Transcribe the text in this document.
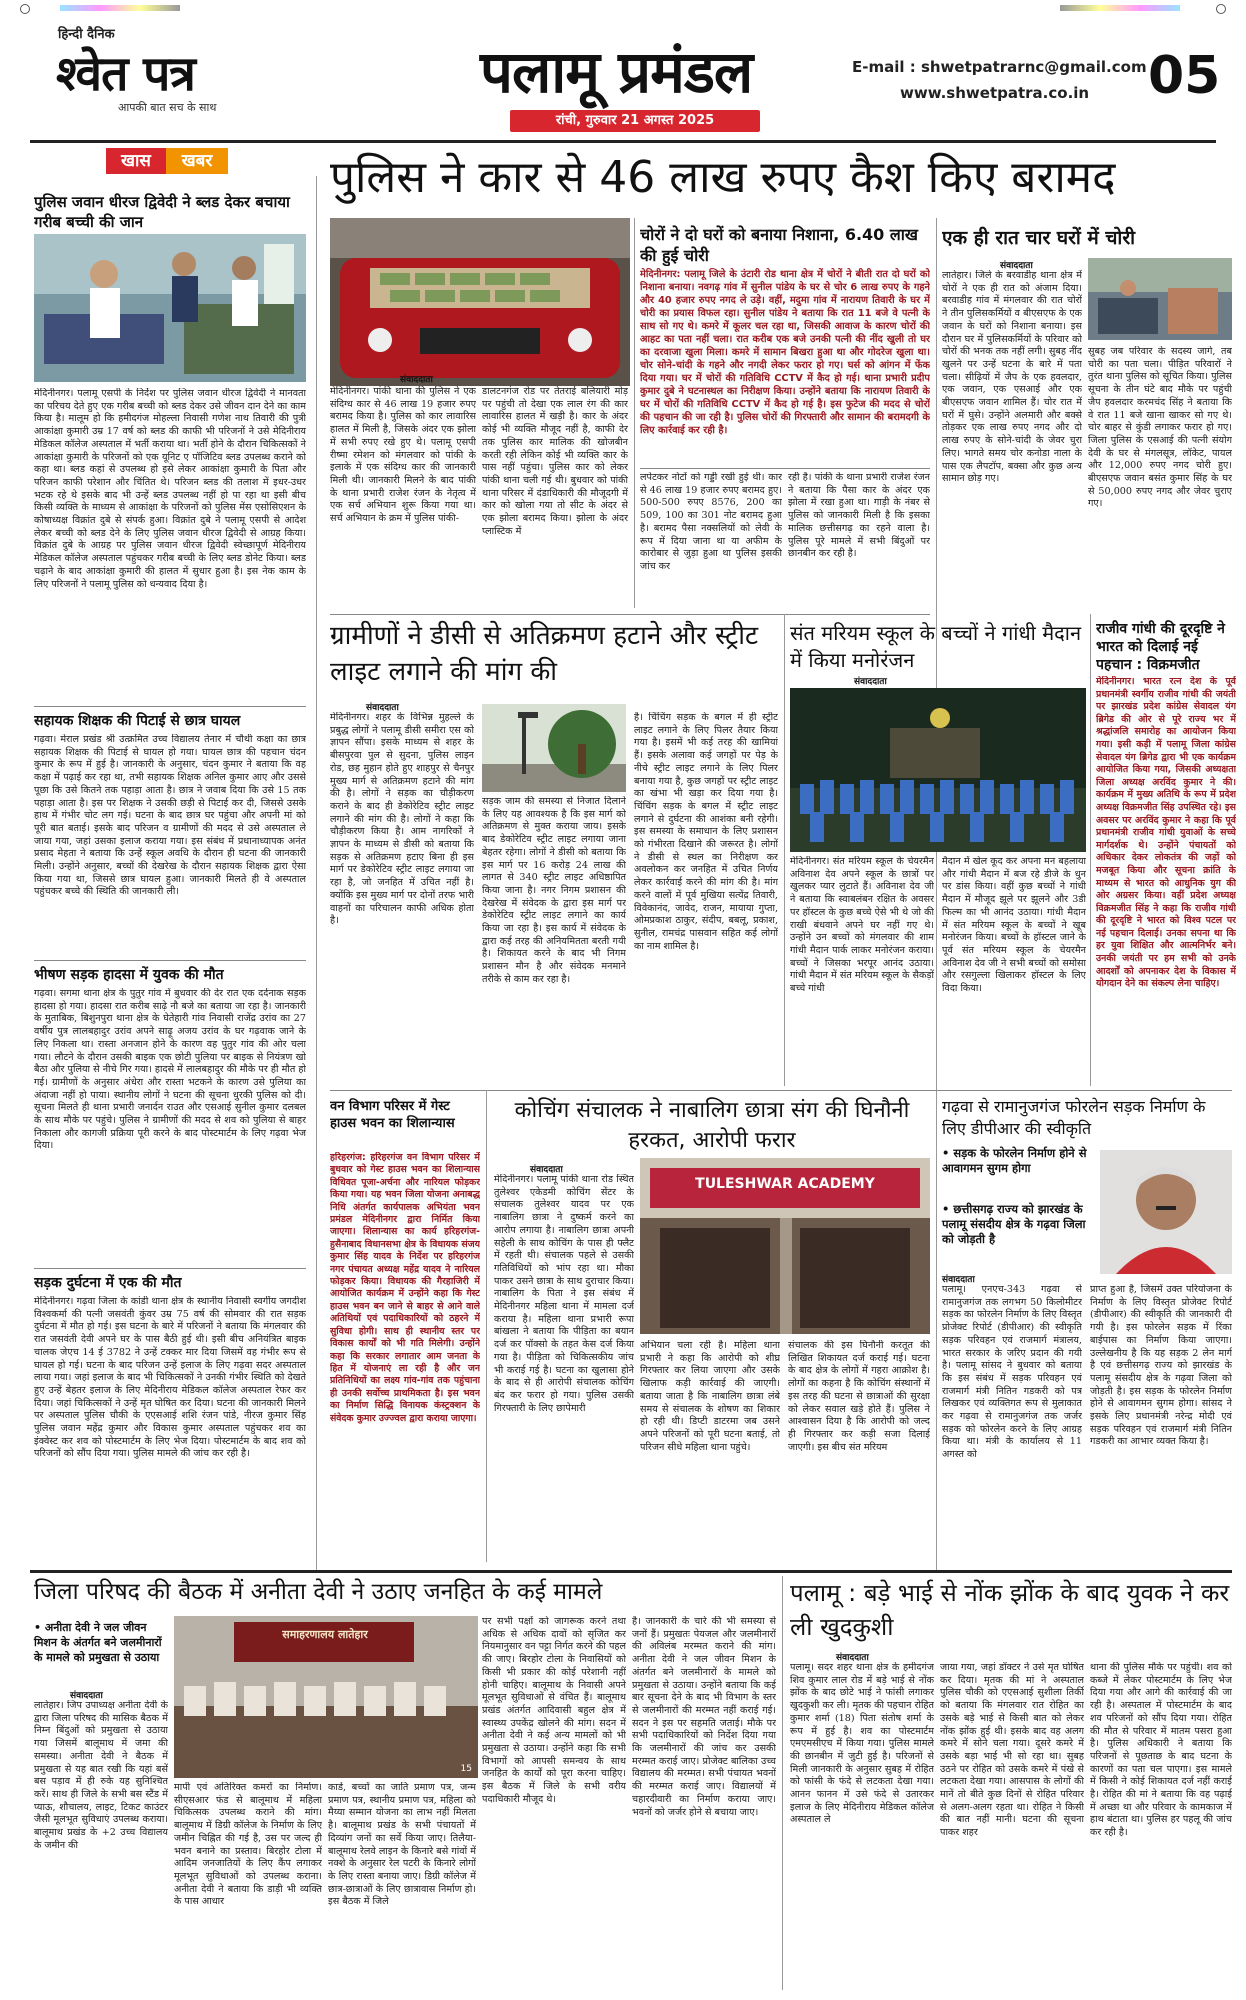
हिन्दी दैनिक
श्वेत पत्र
आपकी बात सच के साथ
पलामू प्रमंडल
रांची, गुरुवार 21 अगस्त 2025
E-mail : shwetpatrarnc@gmail.com
www.shwetpatra.co.in 05
खास	खबर	पुलिस ने कार से 46 लाख रुपए कैश किए बरामद
पुलिस जवान धीरज द्विवेदी ने ब्लड देकर बचाया गरीब बच्ची की जान
मेदिनीनगर। पलामू एसपी के निर्देश पर पुलिस जवान धीरज द्विवेदी ने मानवता का परिचय देते हुए एक गरीब बच्ची को ब्लड देकर उसे जीवन दान देने का काम किया है। मालूम हो कि हमीदगंज मोहल्ला निवासी गणेश नाथ तिवारी की पुत्री आकांक्षा कुमारी उम्र 17 वर्ष को ब्लड की काफी भी परिजनों ने उसे मेदिनीराय मेडिकल कॉलेज अस्पताल में भर्ती कराया था। भर्ती होने के दौरान चिकित्सकों ने आकांक्षा कुमारी के परिजनों को एक यूनिट ए पॉजिटिव ब्लड उपलब्ध कराने को कहा था। ब्लड कहां से उपलब्ध हो इसे लेकर आकांक्षा कुमारी के पिता और परिजन काफी परेशान और चिंतित थे। परिजन ब्लड की तलाश में इधर-उधर भटक रहे थे इसके बाद भी उन्हें ब्लड उपलब्ध नहीं हो पा रहा था इसी बीच किसी व्यक्ति के माध्यम से आकांक्षा के परिजनों को पुलिस मेंस एसोसिएशन के कोषाध्यक्ष विक्रांत दुबे से संपर्क हुआ। विक्रांत दुबे ने पलामू एसपी से आदेश लेकर बच्ची को ब्लड देने के लिए पुलिस जवान धीरज द्विवेदी से आग्रह किया। विक्रांत दुबे के आग्रह पर पुलिस जवान धीरज द्विवेदी स्वेच्छापूर्ण मेदिनीराय मेडिकल कॉलेज अस्पताल पहुंचकर गरीब बच्ची के लिए ब्लड डोनेट किया। ब्लड चढ़ाने के बाद आकांक्षा कुमारी की हालत में सुधार हुआ है। इस नेक काम के लिए परिजनों ने पलामू पुलिस को धन्यवाद दिया है।
सहायक शिक्षक की पिटाई से छात्र घायल
गढ़वा। मेराल प्रखंड श्री उत्क्रमित उच्च विद्यालय तेनार में चौथी कक्षा का छात्र सहायक शिक्षक की पिटाई से घायल हो गया। घायल छात्र की पहचान चंदन कुमार के रूप में हुई है। जानकारी के अनुसार, चंदन कुमार ने बताया कि वह कक्षा में पढ़ाई कर रहा था, तभी सहायक शिक्षक अनिल कुमार आए और उससे पूछा कि उसे कितने तक पहाड़ा आता है। छात्र ने जवाब दिया कि उसे 15 तक पहाड़ा आता है। इस पर शिक्षक ने उसकी छड़ी से पिटाई कर दी, जिससे उसके हाथ में गंभीर चोट लग गई। घटना के बाद छात्र घर पहुंचा और अपनी मां को पूरी बात बताई। इसके बाद परिजन व ग्रामीणों की मदद से उसे अस्पताल ले जाया गया, जहां उसका इलाज कराया गया। इस संबंध में प्रधानाध्यापक अनंत प्रसाद मेहता ने बताया कि उन्हें स्कूल अवधि के दौरान ही घटना की जानकारी मिली। उन्होंने अनुसार, बच्चों की देखरेख के दौरान सहायक शिक्षक द्वारा ऐसा किया गया था, जिससे छात्र घायल हुआ। जानकारी मिलते ही वे अस्पताल पहुंचकर बच्चे की स्थिति की जानकारी ली।
भीषण सड़क हादसा में युवक की मौत
गढ़वा। सगमा थाना क्षेत्र के पुतुर गांव में बुधवार की देर रात एक दर्दनाक सड़क हादसा हो गया। हादसा रात करीब साढ़े नौ बजे का बताया जा रहा है। जानकारी के मुताबिक, बिशुनपुरा थाना क्षेत्र के घेतेहारी गांव निवासी राजेंद्र उरांव का 27 वर्षीय पुत्र लालबहादुर उरांव अपने साढ़ू अजय उरांव के घर गढ़वाक जाने के लिए निकला था। रास्ता अनजान होने के कारण वह पुतुर गांव की ओर चला गया। लौटने के दौरान उसकी बाइक एक छोटी पुलिया पर बाइक से नियंत्रण खो बैठा और पुलिया से नीचे गिर गया। हादसे में लालबहादुर की मौके पर ही मौत हो गई। ग्रामीणों के अनुसार अंधेरा और रास्ता भटकने के कारण उसे पुलिया का अंदाजा नहीं हो पाया। स्थानीय लोगों ने घटना की सूचना धुरकी पुलिस को दी। सूचना मिलते ही थाना प्रभारी जनार्दन राउत और एसआई सुनील कुमार दलबल के साथ मौके पर पहुंचे। पुलिस ने ग्रामीणों की मदद से शव को पुलिया से बाहर निकाला और कागजी प्रक्रिया पूरी करने के बाद पोस्टमार्टम के लिए गढ़वा भेज दिया।
सड़क दुर्घटना में एक की मौत
मेदिनीनगर। गढ़वा जिला के कांडी थाना क्षेत्र के स्थानीय निवासी स्वर्गीय जगदीश विश्वकर्मा की पत्नी जसवंती कुंवर उम्र 75 वर्ष की सोमवार की रात सड़क दुर्घटना में मौत हो गई। इस घटना के बारे में परिजनों ने बताया कि मंगलवार की रात जसवंती देवी अपने घर के पास बैठी हुई थी। इसी बीच अनियंत्रित बाइक चालक जेएच 14 ई 3782 ने उन्हें टक्कर मार दिया जिसमें वह गंभीर रूप से घायल हो गई। घटना के बाद परिजन उन्हें इलाज के लिए गढ़वा सदर अस्पताल लाया गया। जहां इलाज के बाद भी चिकित्सकों ने उनकी गंभीर स्थिति को देखते हुए उन्हें बेहतर इलाज के लिए मेदिनीराय मेडिकल कॉलेज अस्पताल रेफर कर दिया। जहां चिकित्सकों ने उन्हें मृत घोषित कर दिया। घटना की जानकारी मिलने पर अस्पताल पुलिस चौकी के एएसआई शशि रंजन पांडे, नीरज कुमार सिंह पुलिस जवान महेंद्र कुमार और विकास कुमार अस्पताल पहुंचकर शव का इंक्वेस्ट कर शव को पोस्टमार्टम के लिए भेज दिया। पोस्टमार्टम के बाद शव को परिजनों को सौंप दिया गया। पुलिस मामले की जांच कर रही है।
संवाददाता
मेदिनीनगर। पांकी थाना की पुलिस ने एक संदिग्ध कार से 46 लाख 19 हजार रुपए बरामद किया है। पुलिस को कार लावारिस हालत में मिली है, जिसके अंदर एक झोला में सभी रुपए रखे हुए थे। पलामू एसपी रीष्मा रमेशन को मंगलवार को पांकी के इलाके में एक संदिग्ध कार की जानकारी मिली थी। जानकारी मिलने के बाद पांकी के थाना प्रभारी राजेश रंजन के नेतृत्व में एक सर्च अभियान शुरू किया गया था। सर्च अभियान के क्रम में पुलिस पांकी-
डालटनगंज रोड पर तेतराई बलियारी मोड़ पर पहुंची तो देखा एक लाल रंग की कार लावारिस हालत में खड़ी है। कार के अंदर कोई भी व्यक्ति मौजूद नहीं है, काफी देर तक पुलिस कार मालिक की खोजबीन करती रही लेकिन कोई भी व्यक्ति कार के पास नहीं पहुंचा। पुलिस कार को लेकर पांकी थाना चली गई थी। बुधवार को पांकी थाना परिसर में दंडाधिकारी की मौजूदगी में कार को खोला गया तो सीट के अंदर से एक झोला बरामद किया। झोला के अंदर प्लास्टिक में
चोरों ने दो घरों को बनाया निशाना, 6.40 लाख की हुई चोरी
मेदिनीनगर: पलामू जिले के उंटारी रोड थाना क्षेत्र में चोरों ने बीती रात दो घरों को निशाना बनाया। नवगढ़ गांव में सुनील पांडेय के घर से चोर 6 लाख रुपए के गहने और 40 हजार रुपए नगद ले उड़े। वहीं, मदुमा गांव में नारायण तिवारी के घर में चोरी का प्रयास विफल रहा। सुनील पांडेय ने बताया कि रात 11 बजे वे पत्नी के साथ सो गए थे। कमरे में कूलर चल रहा था, जिसकी आवाज के कारण चोरों की आहट का पता नहीं चला। रात करीब एक बजे उनकी पत्नी की नींद खुली तो घर का दरवाजा खुला मिला। कमरे में सामान बिखरा हुआ था और गोदरेज खुला था। चोर सोने-चांदी के गहने और नगदी लेकर फरार हो गए। घर्स को आंगन में फेंक दिया गया। घर में चोरों की गतिविधि CCTV में कैद हो गई। थाना प्रभारी प्रदीप कुमार दुबे ने घटनास्थल का निरीक्षण किया। उन्होंने बताया कि नारायण तिवारी के घर में चोरों की गतिविधि CCTV में कैद हो गई है। इस फुटेज की मदद से चोरों की पहचान की जा रही है। पुलिस चोरों की गिरफ्तारी और सामान की बरामदगी के लिए कार्रवाई कर रही है।
लपेटकर नोटों को गड्डी रखी हुई थी। कार से 46 लाख 19 हजार रुपए बरामद हुए। 500-500 रुपए 8576, 200 का 509, 100 का 301 नोट बरामद हुआ है। बरामद पैसा नक्सलियों को लेवी के रूप में दिया जाना था या अफीम के कारोबार से जुड़ा हुआ था पुलिस इसकी जांच कर
रही है। पांकी के थाना प्रभारी राजेश रंजन ने बताया कि पैसा कार के अंदर एक झोला में रखा हुआ था। गाड़ी के नंबर से पुलिस को जानकारी मिली है कि इसका मालिक छत्तीसगढ़ का रहने वाला है। पुलिस पूरे मामले में सभी बिंदुओं पर छानबीन कर रही है।
एक ही रात चार घरों में चोरी
संवाददाता
लातेहार। जिले के बरवाडीह थाना क्षेत्र में चोरों ने एक ही रात को अंजाम दिया। बरवाडीह गांव में मंगलवार की रात चोरों ने तीन पुलिसकर्मियों व बीएसएफ के एक जवान के घरों को निशाना बनाया। इस दौरान घर में पुलिसकर्मियों के परिवार को चोरों की भनक तक नहीं लगी। सुबह नींद खुलने पर उन्हें घटना के बारे में पता चला। सीढ़ियों में जैप के एक हवलदार, एक जवान, एक एसआई और एक बीएसएफ जवान शामिल हैं। चोर रात में घरों में घुसे। उन्होंने अलमारी और बक्से तोड़कर एक लाख रुपए नगद और दो लाख रुपए के सोने-चांदी के जेवर चुरा लिए। भागते समय चोर कनोडा नाला के पास एक लैपटॉप, बक्सा और कुछ अन्य सामान छोड़ गए।
सुबह जब परिवार के सदस्य जागे, तब चोरी का पता चला। पीड़ित परिवारों ने तुरंत थाना पुलिस को सूचित किया। पुलिस सूचना के तीन घंटे बाद मौके पर पहुंची जैप हवलदार करमचंद सिंह ने बताया कि वे रात 11 बजे खाना खाकर सो गए थे। चोर बाहर से कुंडी लगाकर फरार हो गए। जिला पुलिस के एसआई की पत्नी संयोग देवी के घर से मंगलसूत्र, लॉकेट, पायल और 12,000 रुपए नगद चोरी हुए। बीएसएफ जवान बसंत कुमार सिंह के घर से 50,000 रुपए नगद और जेवर चुराए गए।
ग्रामीणों ने डीसी से अतिक्रमण हटाने और स्ट्रीट लाइट लगाने की मांग की
संवाददाता
मेदिनीनगर। शहर के विभिन्न मुहल्ले के प्रबुद्ध लोगों ने पलामू डीसी समीरा एस को ज्ञापन सौंपा। इसके माध्यम से शहर के बीसपुरवा पुल से सुदना, पुलिस लाइन रोड, छह मुहान होते हुए शाहपुर से चैनपुर मुख्य मार्ग से अतिक्रमण हटाने की मांग की है। लोगों ने सड़क का चौड़ीकरण कराने के बाद ही डेकोरेटिव स्ट्रीट लाइट लगाने की मांग की है। लोगों ने कहा कि चौड़ीकरण किया है। आम नागरिकों ने ज्ञापन के माध्यम से डीसी को बताया कि सड़क से अतिक्रमण हटाए बिना ही इस मार्ग पर डेकोरेटिव स्ट्रीट लाइट लगाया जा रहा है, जो जनहित में उचित नहीं है। क्योंकि इस मुख्य मार्ग पर दोनों तरफ भारी वाहनों का परिचालन काफी अधिक होता है।
सड़क जाम की समस्या से निजात दिलाने के लिए यह आवश्यक है कि इस मार्ग को अतिक्रमण से मुक्त कराया जाय। इसके बाद डेकोरेटिव स्ट्रीट लाइट लगाया जाना बेहतर रहेगा। लोगों ने डीसी को बताया कि इस मार्ग पर 16 करोड़ 24 लाख की लागत से 340 स्ट्रीट लाइट अधिष्ठापित किया जाना है। नगर निगम प्रशासन की देखरेख में संवेदक के द्वारा इस मार्ग पर डेकोरेटिव स्ट्रीट लाइट लगाने का कार्य किया जा रहा है। इस कार्य में संवेदक के द्वारा कई तरह की अनियमितता बरती गयी है। शिकायत करने के बाद भी निगम प्रशासन मौन है और संवेदक मनमाने तरीके से काम कर रहा है।
है। चिंचिंग सड़क के बगल में ही स्ट्रीट लाइट लगाने के लिए पिलर तैयार किया गया है। इसमें भी कई तरह की खामियां हैं। इसके अलावा कई जगहों पर पेड़ के नीचे स्ट्रीट लाइट लगाने के लिए पिलर बनाया गया है, कुछ जगहों पर स्ट्रीट लाइट का खंभा भी खड़ा कर दिया गया है। चिंचिंग सड़क के बगल में स्ट्रीट लाइट लगाने से दुर्घटना की आशंका बनी रहेगी। इस समस्या के समाधान के लिए प्रशासन को गंभीरता दिखाने की जरूरत है। लोगों ने डीसी से स्थल का निरीक्षण कर अवलोकन कर जनहित में उचित निर्णय लेकर कार्रवाई करने की मांग की है। मांग करने वालों में पूर्व मुखिया सत्येंद्र तिवारी, विवेकानंद, जावेद, राजन, मायाया गुप्ता, ओमप्रकाश ठाकुर, संदीप, बबलू, प्रकाश, सुनील, रामचंद्र पासवान सहित कई लोगों का नाम शामिल है।
संत मरियम स्कूल के बच्चों ने गांधी मैदान में किया मनोरंजन
संवाददाता
मेदिनीनगर। संत मरियम स्कूल के चेयरमैन अविनाश देव अपने स्कूल के छात्रों पर खुलकर प्यार लुटाते हैं। अविनाश देव जी ने बताया कि स्वाबलंबन रक्षित के अवसर पर हॉस्टल के कुछ बच्चे ऐसे भी थे जो की राखी बंधवाने अपने घर नहीं गए थे। उन्होंने उन बच्चों को मंगलवार की शाम गांधी मैदान पार्क लाकर मनोरंजन कराया। बच्चों ने जिसका भरपूर आनंद उठाया। गांधी मैदान में संत मरियम स्कूल के सैकड़ों बच्चे गांधी
मैदान में खेल कूद कर अपना मन बहलाया और गांधी मैदान में बज रहे डीजे के धुन पर डांस किया। वहीं कुछ बच्चों ने गांधी मैदान में मौजूद झूले पर झूलने और 3डी फिल्म का भी आनंद उठाया। गांधी मैदान में संत मरियम स्कूल के बच्चों ने खूब मनोरंजन किया। बच्चों के हॉस्टल जाने के पूर्व संत मरियम स्कूल के चेयरमैन अविनाश देव जी ने सभी बच्चों को समोसा और रसगुल्ला खिलाकर हॉस्टल के लिए विदा किया।
राजीव गांधी की दूरदृष्टि ने भारत को दिलाई नई पहचान : विक्रमजीत
मेदिनीनगर। भारत रत्न देश के पूर्व प्रधानमंत्री स्वर्गीय राजीव गांधी की जयंती पर झारखंड प्रदेश कांग्रेस सेवादल यंग ब्रिगेड की ओर से पूरे राज्य भर में श्रद्धांजलि समारोह का आयोजन किया गया। इसी कड़ी में पलामू जिला कांग्रेस सेवादल यंग ब्रिगेड द्वारा भी एक कार्यक्रम आयोजित किया गया, जिसकी अध्यक्षता जिला अध्यक्ष अरविंद कुमार ने की। कार्यक्रम में मुख्य अतिथि के रूप में प्रदेश अध्यक्ष विक्रमजीत सिंह उपस्थित रहे। इस अवसर पर अरविंद कुमार ने कहा कि पूर्व प्रधानमंत्री राजीव गांधी युवाओं के सच्चे मार्गदर्शक थे। उन्होंने पंचायतों को अधिकार देकर लोकतंत्र की जड़ों को मजबूत किया और सूचना क्रांति के माध्यम से भारत को आधुनिक युग की ओर अग्रसर किया। वहीं प्रदेश अध्यक्ष विक्रमजीत सिंह ने कहा कि राजीव गांधी की दूरदृष्टि ने भारत को विश्व पटल पर नई पहचान दिलाई। उनका सपना था कि हर युवा शिक्षित और आत्मनिर्भर बने। उनकी जयंती पर हम सभी को उनके आदर्शों को अपनाकर देश के विकास में योगदान देने का संकल्प लेना चाहिए।
वन विभाग परिसर में गेस्ट हाउस भवन का शिलान्यास
हरिहरगंज: हरिहरगंज वन विभाग परिसर में बुधवार को गेस्ट हाउस भवन का शिलान्यास विधिवत पूजा-अर्चना और नारियल फोड़कर किया गया। यह भवन जिला योजना अनाबद्ध निधि अंतर्गत कार्यपालक अभियंता भवन प्रमंडल मेदिनीनगर द्वारा निर्मित किया जाएगा। शिलान्यास का कार्य हरिहरगंज-हुसैनाबाद विधानसभा क्षेत्र के विधायक संजय कुमार सिंह यादव के निर्देश पर हरिहरगंज नगर पंचायत अध्यक्ष महेंद्र यादव ने नारियल फोड़कर किया। विधायक की गैरहाजिरी में आयोजित कार्यक्रम में उन्होंने कहा कि गेस्ट हाउस भवन बन जाने से बाहर से आने वाले अतिथियों एवं पदाधिकारियों को ठहरने में सुविधा होगी। साथ ही स्थानीय स्तर पर विकास कार्यों को भी गति मिलेगी। उन्होंने कहा कि सरकार लगातार आम जनता के हित में योजनाएं ला रही है और जन प्रतिनिधियों का लक्ष्य गांव-गांव तक पहुंचाना ही उनकी सर्वोच्च प्राथमिकता है। इस भवन का निर्माण सिद्धि विनायक कंस्ट्रक्शन के संवेदक कुमार उज्ज्वल द्वारा कराया जाएगा।
कोचिंग संचालक ने नाबालिग छात्रा संग की घिनौनी हरकत, आरोपी फरार
संवाददाता
मेदिनीनगर। पलामू पांकी थाना रोड स्थित तुलेश्वर एकेडमी कोचिंग सेंटर के संचालक तुलेश्वर यादव पर एक नाबालिग छात्रा ने दुष्कर्म करने का आरोप लगाया है। नाबालिग छात्रा अपनी सहेली के साथ कोचिंग के पास ही फ्लैट में रहती थी। संचालक पहले से उसकी गतिविधियों को भांप रहा था। मौका पाकर उसने छात्रा के साथ दुराचार किया। नाबालिग के पिता ने इस संबंध में मेदिनीनगर महिला थाना में मामला दर्ज कराया है। महिला थाना प्रभारी रूपा बांखला ने बताया कि पीड़िता का बयान दर्ज कर पॉक्सो के तहत केस दर्ज किया गया है। पीड़िता को चिकित्सकीय जांच भी कराई गई है। घटना का खुलासा होने के बाद से ही आरोपी संचालक कोचिंग बंद कर फरार हो गया। पुलिस उसकी गिरफ्तारी के लिए छापेमारी
TULESHWAR ACADEMY
अभियान चला रही है। महिला थाना प्रभारी ने कहा कि आरोपी को शीघ्र गिरफ्तार कर लिया जाएगा और उसके खिलाफ कड़ी कार्रवाई की जाएगी। बताया जाता है कि नाबालिग छात्रा लंबे समय से संचालक के शोषण का शिकार हो रही थी। डिप्टी डाटरमा जब उसने अपने परिजनों को पूरी घटना बताई, तो परिजन सीधे महिला थाना पहुंचे।
संचालक की इस घिनौनी करतूत की लिखित शिकायत दर्ज कराई गई। घटना के बाद क्षेत्र के लोगों में गहरा आक्रोश है। लोगों का कहना है कि कोचिंग संस्थानों में इस तरह की घटना से छात्राओं की सुरक्षा को लेकर सवाल खड़े होते हैं। पुलिस ने आश्वासन दिया है कि आरोपी को जल्द ही गिरफ्तार कर कड़ी सजा दिलाई जाएगी। इस बीच संत मरियम
गढ़वा से रामानुजगंज फोरलेन सड़क निर्माण के लिए डीपीआर की स्वीकृति
• सड़क के फोरलेन निर्माण होने से आवागमन सुगम होगा
• छत्तीसगढ़ राज्य को झारखंड के पलामू संसदीय क्षेत्र के गढ़वा जिला को जोड़ती है
संवाददाता
पलामू। एनएच-343 गढ़वा से रामानुजगंज तक लगभग 50 किलोमीटर सड़क का फोरलेन निर्माण के लिए विस्तृत प्रोजेक्ट रिपोर्ट (डीपीआर) की स्वीकृति सड़क परिवहन एवं राजमार्ग मंत्रालय, भारत सरकार के जरिए प्रदान की गयी है। पलामू सांसद ने बुधवार को बताया कि इस संबंध में सड़क परिवहन एवं राजमार्ग मंत्री नितिन गडकरी को पत्र लिखकर एवं व्यक्तिगत रूप से मुलाकात कर गढ़वा से रामानुजगंज तक जर्जर सड़क को फोरलेन करने के लिए आग्रह किया था। मंत्री के कार्यालय से 11 अगस्त को
प्राप्त हुआ है, जिसमें उक्त परियोजना के निर्माण के लिए विस्तृत प्रोजेक्ट रिपोर्ट (डीपीआर) की स्वीकृति की जानकारी दी गयी है। इस फोरलेन सड़क में रिंका बाईपास का निर्माण किया जाएगा। उल्लेखनीय है कि यह सड़क 2 लेन मार्ग है एवं छत्तीसगढ़ राज्य को झारखंड के पलामू संसदीय क्षेत्र के गढ़वा जिला को जोड़ती है। इस सड़क के फोरलेन निर्माण होने से आवागमन सुगम होगा। सांसद ने इसके लिए प्रधानमंत्री नरेन्द्र मोदी एवं सड़क परिवहन एवं राजमार्ग मंत्री नितिन गडकरी का आभार व्यक्त किया है।
जिला परिषद की बैठक में अनीता देवी ने उठाए जनहित के कई मामले
• अनीता देवी ने जल जीवन मिशन के अंतर्गत बने जलमीनारों के मामले को प्रमुखता से उठाया
समाहरणालय लातेहार
15
संवाददाता
लातेहार। जिप उपाध्यक्ष अनीता देवी के द्वारा जिला परिषद की मासिक बैठक में निम्न बिंदुओं को प्रमुखता से उठाया गया जिसमें बालूमाथ में जमा की समस्या। अनीता देवी ने बैठक में प्रमुखता से यह बात रखी कि यहां बसें बस पड़ाव में ही रुके यह सुनिश्चित करें। साथ ही जिले के सभी बस स्टैंड में प्याऊ, शौचालय, लाइट, टिकट काउंटर जैसी मूलभूत सुविधाएं उपलब्ध कराया। बालूमाथ प्रखंड के +2 उच्च विद्यालय के जमीन की
मापी एवं अतिरिक्त कमरों का निर्माण। सीएसआर फंड से बालूमाथ में महिला चिकित्सक उपलब्ध कराने की मांग। बालूमाथ में डिग्री कॉलेज के निर्माण के लिए जमीन चिह्नित की गई है, उस पर जल्द ही भवन बनाने का प्रस्ताव। बिरहोर टोला में आदिम जनजातियों के लिए कैंप लगाकर मूलभूत सुविधाओं को उपलब्ध कराना। अनीता देवी ने बताया कि डाड़ी भी व्यक्ति के पास आधार
कार्ड, बच्चों का जाति प्रमाण पत्र, जन्म प्रमाण पत्र, स्थानीय प्रमाण पत्र, महिला को मैय्या सम्मान योजना का लाभ नहीं मिलता है। बालूमाथ प्रखंड के सभी पंचायतों में दिव्यांग जनों का सर्वे किया जाए। तिलैया-बालूमाथ रेलवे लाइन के किनारे बसे गांवों में नक्शे के अनुसार रेल पटरी के किनारे लोगों के लिए रास्ता बनाया जाए। डिग्री कॉलेज में छात्र-छात्राओं के लिए छात्रावास निर्माण हो। इस बैठक में जिले
पर सभी पक्षों को जागरूक करने तथा अधिक से अधिक दावों को सृजित कर नियमानुसार वन पट्टा निर्गत करने की पहल की जाए। बिरहोर टोला के निवासियों को किसी भी प्रकार की कोई परेशानी नहीं होनी चाहिए। बालूमाथ के निवासी अपने मूलभूत सुविधाओं से वंचित हैं। बालूमाथ प्रखंड अंतर्गत आदिवासी बहुल क्षेत्र में स्वास्थ्य उपकेंद्र खोलने की मांग। सदन में अनीता देवी ने कई अन्य मामलों को भी प्रमुखता से उठाया। उन्होंने कहा कि सभी विभागों को आपसी समन्वय के साथ जनहित के कार्यों को पूरा करना चाहिए। इस बैठक में जिले के सभी वरीय पदाधिकारी मौजूद थे।
है। जानकारी के चारे की भी समस्या से जनों हैं। प्रमुखतः पेयजल और जलमीनारों की अविलंब मरम्मत कराने की मांग। अनीता देवी ने जल जीवन मिशन के अंतर्गत बने जलमीनारों के मामले को प्रमुखता से उठाया। उन्होंने बताया कि कई बार सूचना देने के बाद भी विभाग के स्तर से जलमीनारों की मरम्मत नहीं कराई गई। सदन ने इस पर सहमति जताई। मौके पर सभी पदाधिकारियों को निर्देश दिया गया कि जलमीनारों की जांच कर उसकी मरम्मत कराई जाए। प्रोजेक्ट बालिका उच्च विद्यालय की मरम्मत। सभी पंचायत भवनों की मरम्मत कराई जाए। विद्यालयों में चहारदीवारी का निर्माण कराया जाए। भवनों को जर्जर होने से बचाया जाए।
पलामू : बड़े भाई से नोंक झोंक के बाद युवक ने कर ली खुदकुशी
संवाददाता
पलामू। सदर शहर थाना क्षेत्र के हमीदगंज शिव कुमार लाल रोड में बड़े भाई से नोंक झोंक के बाद छोटे भाई ने फांसी लगाकर खुदकुशी कर ली। मृतक की पहचान रोहित कुमार शर्मा (18) पिता संतोष शर्मा के रूप में हुई है। शव का पोस्टमार्टम एमएमसीएच में किया गया। पुलिस मामले की छानबीन में जुटी हुई है। परिजनों से मिली जानकारी के अनुसार सुबह में रोहित को फांसी के फंदे से लटकता देखा गया। आनन फानन में उसे फंदे से उतारकर इलाज के लिए मेदिनीराय मेडिकल कॉलेज अस्पताल ले
जाया गया, जहां डॉक्टर ने उसे मृत घोषित कर दिया। मृतक की मां ने अस्पताल पुलिस चौकी को एएसआई सुशीला तिर्की को बताया कि मंगलवार रात रोहित का उसके बड़े भाई से किसी बात को लेकर नोंक झोंक हुई थी। इसके बाद वह अलग कमरे में सोने चला गया। दूसरे कमरे में उसके बड़ा भाई भी सो रहा था। सुबह उठने पर रोहित को उसके कमरे में पंखे से लटकता देखा गया। आसपास के लोगों की मानें तो बीते कुछ दिनों से रोहित परिवार से अलग-अलग रहता था। रोहित ने किसी की बात नहीं मानी। घटना की सूचना पाकर शहर
थाना की पुलिस मौके पर पहुंची। शव को कब्जे में लेकर पोस्टमार्टम के लिए भेज दिया गया और आगे की कार्रवाई की जा रही है। अस्पताल में पोस्टमार्टम के बाद शव परिजनों को सौंप दिया गया। रोहित की मौत से परिवार में मातम पसरा हुआ है। पुलिस अधिकारी ने बताया कि परिजनों से पूछताछ के बाद घटना के कारणों का पता चल पाएगा। इस मामले में किसी ने कोई शिकायत दर्ज नहीं कराई है। रोहित की मां ने बताया कि वह पढ़ाई में अच्छा था और परिवार के कामकाज में हाथ बंटाता था। पुलिस हर पहलू की जांच कर रही है।
